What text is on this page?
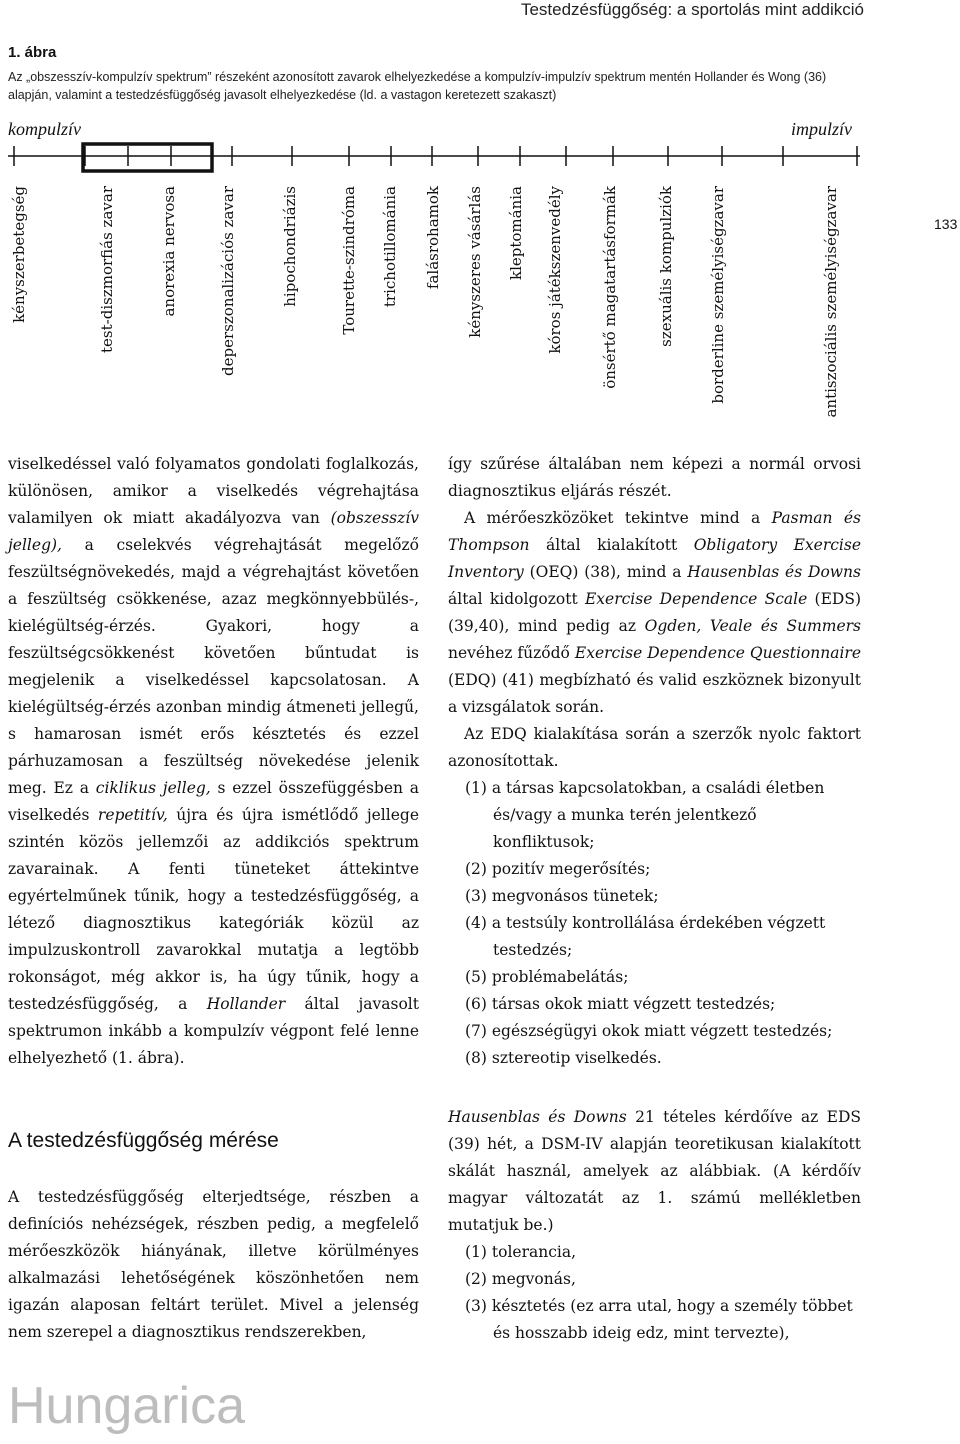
Testedzésfüggőség: a sportolás mint addikció
1. ábra
Az „obszesszív-kompulzív spektrum” részeként azonosított zavarok elhelyezkedése a kompulzív-impulzív spektrum mentén Hollander és Wong (36) alapján, valamint a testedzésfüggőség javasolt elhelyezkedése (ld. a vastagon keretezett szakaszt)
kompulzív	impulzív
kényszerbetegség	test-diszmorfiás zavar	anorexia nervosa	deperszonalizációs zavar	hipochondriázis	Tourette-szindróma trichotillománia falásrohamok kényszeres vásárlás kleptománia kóros játékszenvedély önsértő magatartásformák	szexuális kompulziók borderline személyiségzavar	antiszociális személyiségzavar	133

viselkedéssel való folyamatos gondolati foglalkozás, különösen, amikor a viselkedés végrehajtása valamilyen ok miatt akadályozva van (obszesszív jelleg), a cselekvés végrehajtását megelőző feszültségnövekedés, majd a végrehajtást követően a feszültség csökkenése, azaz megkönnyebbülés-, kielégültség-érzés. Gyakori, hogy a feszültségcsökkenést követően bűntudat is megjelenik a viselkedéssel kapcsolatosan. A kielégültség-érzés azonban mindig átmeneti jellegű, s hamarosan ismét erős késztetés és ezzel párhuzamosan a feszültség növekedése jelenik meg. Ez a ciklikus jelleg, s ezzel összefüggésben a viselkedés repetitív, újra és újra ismétlődő jellege szintén közös jellemzői az addikciós spektrum zavarainak. A fenti tüneteket áttekintve egyértelműnek tűnik, hogy a testedzésfüggőség, a létező diagnosztikus kategóriák közül az impulzuskontroll zavarokkal mutatja a legtöbb rokonságot, még akkor is, ha úgy tűnik, hogy a testedzésfüggőség, a Hollander által javasolt spektrumon inkább a kompulzív végpont felé lenne elhelyezhető (1. ábra).

A testedzésfüggőség mérése

A testedzésfüggőség elterjedtsége, részben a definíciós nehézségek, részben pedig, a megfelelő mérőeszközök hiányának, illetve körülményes alkalmazási lehetőségének köszönhetően nem igazán alaposan feltárt terület. Mivel a jelenség nem szerepel a diagnosztikus rendszerekben,

így szűrése általában nem képezi a normál orvosi diagnosztikus eljárás részét.

A mérőeszközöket tekintve mind a Pasman és Thompson által kialakított Obligatory Exercise Inventory (OEQ) (38), mind a Hausenblas és Downs által kidolgozott Exercise Dependence Scale (EDS) (39,40), mind pedig az Ogden, Veale és Summers nevéhez fűződő Exercise Dependence Questionnaire (EDQ) (41) megbízható és valid eszköznek bizonyult a vizsgálatok során.

Az EDQ kialakítása során a szerzők nyolc faktort azonosítottak.

(1) a társas kapcsolatokban, a családi életben és/vagy a munka terén jelentkező konfliktusok;
(2) pozitív megerősítés;
(3) megvonásos tünetek;
(4) a testsúly kontrollálása érdekében végzett testedzés;
(5) problémabelátás;
(6) társas okok miatt végzett testedzés;
(7) egészségügyi okok miatt végzett testedzés;
(8) sztereotip viselkedés.

Hausenblas és Downs 21 tételes kérdőíve az EDS (39) hét, a DSM-IV alapján teoretikusan kialakított skálát használ, amelyek az alábbiak. (A kérdőív magyar változatát az 1. számú mellékletben mutatjuk be.)

(1) tolerancia,
(2) megvonás,
(3) késztetés (ez arra utal, hogy a személy többet és hosszabb ideig edz, mint tervezte),
Hungarica
